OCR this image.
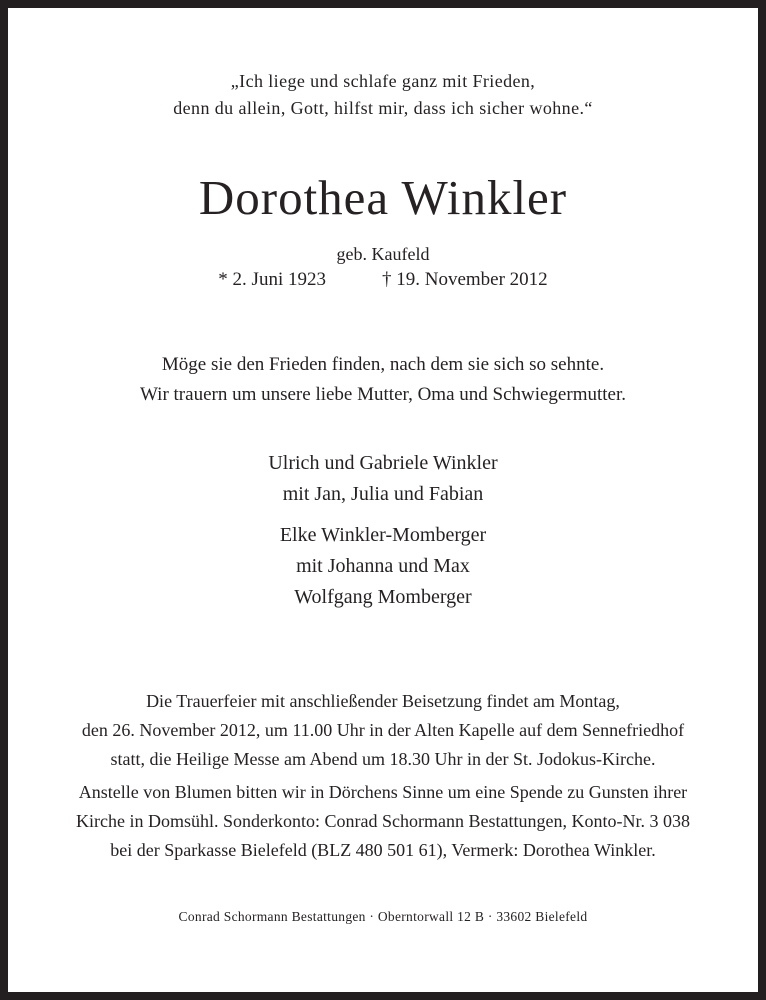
„Ich liege und schlafe ganz mit Frieden,
denn du allein, Gott, hilfst mir, dass ich sicher wohne.“
Dorothea Winkler
geb. Kaufeld
* 2. Juni 1923	† 19. November 2012
Möge sie den Frieden finden, nach dem sie sich so sehnte.
Wir trauern um unsere liebe Mutter, Oma und Schwiegermutter.
Ulrich und Gabriele Winkler
mit Jan, Julia und Fabian
Elke Winkler-Momberger
mit Johanna und Max
Wolfgang Momberger
Die Trauerfeier mit anschließender Beisetzung findet am Montag,
den 26. November 2012, um 11.00 Uhr in der Alten Kapelle auf dem Sennefriedhof
statt, die Heilige Messe am Abend um 18.30 Uhr in der St. Jodokus-Kirche.
Anstelle von Blumen bitten wir in Dörchens Sinne um eine Spende zu Gunsten ihrer
Kirche in Domsühl. Sonderkonto: Conrad Schormann Bestattungen, Konto-Nr. 3 038
bei der Sparkasse Bielefeld (BLZ 480 501 61), Vermerk: Dorothea Winkler.
Conrad Schormann Bestattungen · Oberntorwall 12 B · 33602 Bielefeld
